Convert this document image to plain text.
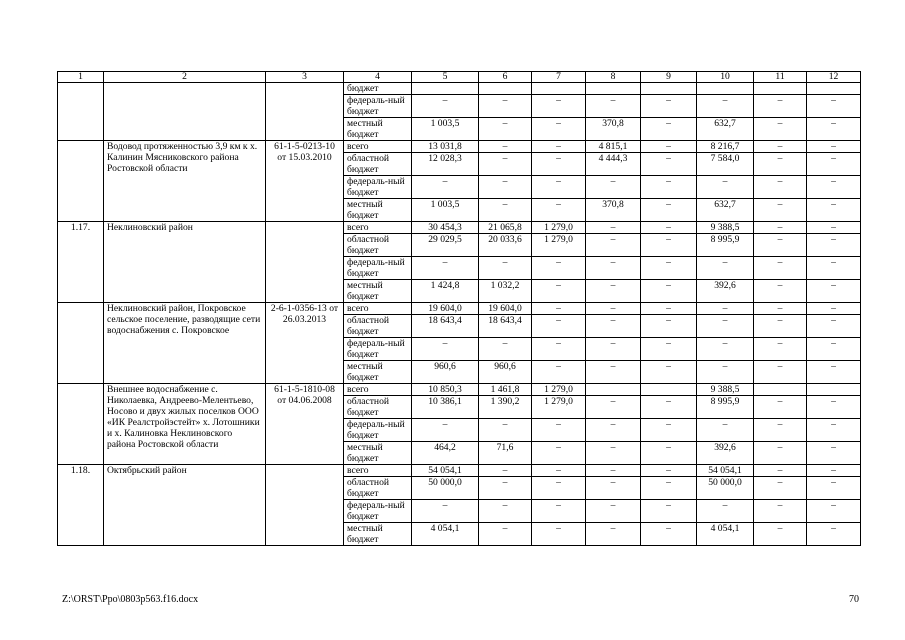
1	2	3	4	5	6	7	8	9	10	11	12

	бюджет								
			федераль-ный бюджет	–	–	–	–	–	–	–	–
			местный бюджет	1 003,5	–	–	370,8	–	632,7	–	–

	Водовод протяженностью 3,9 км к х. Калинин Мясниковского района Ростовской области	61-1-5-0213-10 от 15.03.2010	всего	13 031,8	–	–	4 815,1	–	8 216,7	–	–
			областной бюджет	12 028,3	–	–	4 444,3	–	7 584,0	–	–
			федераль-ный бюджет	–	–	–	–	–	–	–	–
			местный бюджет	1 003,5	–	–	370,8	–	632,7	–	–
1.17.	Неклиновский район		всего	30 454,3	21 065,8	1 279,0	–	–	9 388,5	–	–
			областной бюджет	29 029,5	20 033,6	1 279,0	–	–	8 995,9	–	–
			федераль-ный бюджет	–	–	–	–	–	–	–	–
			местный бюджет	1 424,8	1 032,2	–	–	–	392,6	–	–

	Неклиновский район, Покровское сельское поселение, разводящие сети водоснабжения с. Покровское	2-6-1-0356-13 от 26.03.2013	всего	19 604,0	19 604,0	–	–	–	–	–	–
			областной бюджет	18 643,4	18 643,4	–	–	–	–	–	–
			федераль-ный бюджет	–	–	–	–	–	–	–	–
			местный бюджет	960,6	960,6	–	–	–	–	–	–

	Внешнее водоснабжение с. Николаевка, Андреево-Мелентьево, Носово и двух жилых поселков ООО «ИК Реалстройэстейт» х. Лотошники и х. Калиновка Неклиновского района Ростовской области	61-1-5-1810-08 от 04.06.2008	всего	10 850,3	1 461,8	1 279,0			9 388,5		
			областной бюджет	10 386,1	1 390,2	1 279,0	–	–	8 995,9	–	–
			федераль-ный бюджет	–	–	–	–	–	–	–	–
			местный бюджет	464,2	71,6	–	–	–	392,6	–	–
1.18.	Октябрьский район		всего	54 054,1	–	–	–	–	54 054,1	–	–
			областной бюджет	50 000,0	–	–	–	–	50 000,0	–	–
			федераль-ный бюджет	–	–	–	–	–	–	–	–
			местный бюджет	4 054,1	–	–	–	–	4 054,1	–	–
Z:\ORST\Ppo\0803p563.f16.docx	70
